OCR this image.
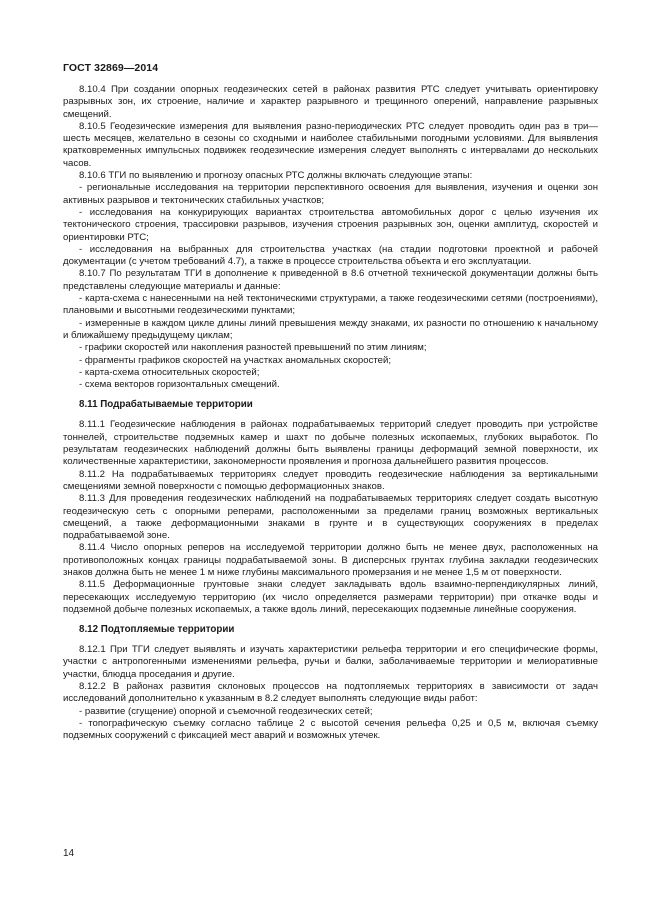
ГОСТ 32869—2014

8.10.4 При создании опорных геодезических сетей в районах развития РТС следует учитывать ориентировку разрывных зон, их строение, наличие и характер разрывного и трещинного оперений, направление разрывных смещений.

8.10.5 Геодезические измерения для выявления разно-периодических РТС следует проводить один раз в три—шесть месяцев, желательно в сезоны со сходными и наиболее стабильными погодными условиями. Для выявления кратковременных импульсных подвижек геодезические измерения следует выполнять с интервалами до нескольких часов.

8.10.6 ТГИ по выявлению и прогнозу опасных РТС должны включать следующие этапы:

- региональные исследования на территории перспективного освоения для выявления, изучения и оценки зон активных разрывов и тектонических стабильных участков;

- исследования на конкурирующих вариантах строительства автомобильных дорог с целью изучения их тектонического строения, трассировки разрывов, изучения строения разрывных зон, оценки амплитуд, скоростей и ориентировки РТС;

- исследования на выбранных для строительства участках (на стадии подготовки проектной и рабочей документации (с учетом требований 4.7), а также в процессе строительства объекта и его эксплуатации.

8.10.7 По результатам ТГИ в дополнение к приведенной в 8.6 отчетной технической документации должны быть представлены следующие материалы и данные:

- карта-схема с нанесенными на ней тектоническими структурами, а также геодезическими сетями (построениями), плановыми и высотными геодезическими пунктами;

- измеренные в каждом цикле длины линий превышения между знаками, их разности по отношению к начальному и ближайшему предыдущему циклам;

- графики скоростей или накопления разностей превышений по этим линиям;

- фрагменты графиков скоростей на участках аномальных скоростей;

- карта-схема относительных скоростей;

- схема векторов горизонтальных смещений.

8.11 Подрабатываемые территории

8.11.1 Геодезические наблюдения в районах подрабатываемых территорий следует проводить при устройстве тоннелей, строительстве подземных камер и шахт по добыче полезных ископаемых, глубоких выработок. По результатам геодезических наблюдений должны быть выявлены границы деформаций земной поверхности, их количественные характеристики, закономерности проявления и прогноза дальнейшего развития процессов.

8.11.2 На подрабатываемых территориях следует проводить геодезические наблюдения за вертикальными смещениями земной поверхности с помощью деформационных знаков.

8.11.3 Для проведения геодезических наблюдений на подрабатываемых территориях следует создать высотную геодезическую сеть с опорными реперами, расположенными за пределами границ возможных вертикальных смещений, а также деформационными знаками в грунте и в существующих сооружениях в пределах подрабатываемой зоне.

8.11.4 Число опорных реперов на исследуемой территории должно быть не менее двух, расположенных на противоположных концах границы подрабатываемой зоны. В дисперсных грунтах глубина закладки геодезических знаков должна быть не менее 1 м ниже глубины максимального промерзания и не менее 1,5 м от поверхности.

8.11.5 Деформационные грунтовые знаки следует закладывать вдоль взаимно-перпендикулярных линий, пересекающих исследуемую территорию (их число определяется размерами территории) при откачке воды и подземной добыче полезных ископаемых, а также вдоль линий, пересекающих подземные линейные сооружения.

8.12 Подтопляемые территории

8.12.1 При ТГИ следует выявлять и изучать характеристики рельефа территории и его специфические формы, участки с антропогенными изменениями рельефа, ручьи и балки, заболачиваемые территории и мелиоративные участки, блюдца проседания и другие.

8.12.2 В районах развития склоновых процессов на подтопляемых территориях в зависимости от задач исследований дополнительно к указанным в 8.2 следует выполнять следующие виды работ:

- развитие (сгущение) опорной и съемочной геодезических сетей;

- топографическую съемку согласно таблице 2 с высотой сечения рельефа 0,25 и 0,5 м, включая съемку подземных сооружений с фиксацией мест аварий и возможных утечек.

14
